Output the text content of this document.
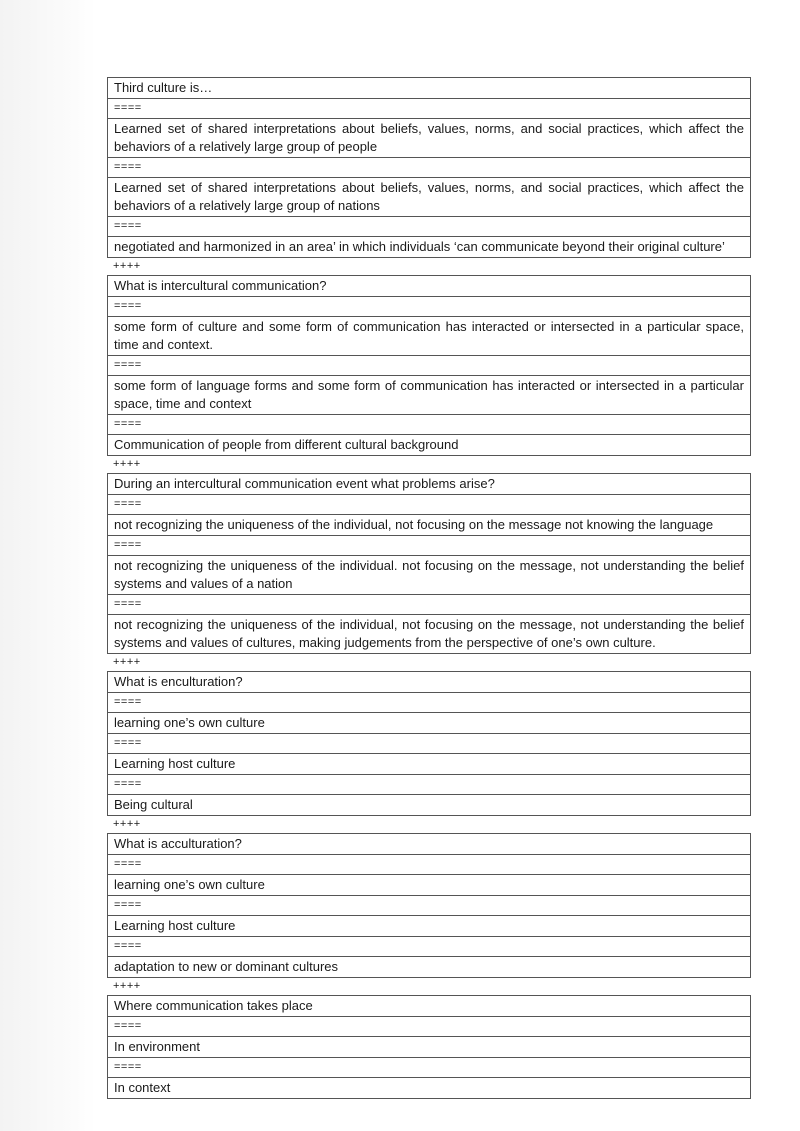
Third culture is…
====
Learned set of shared interpretations about beliefs, values, norms, and social practices, which affect the behaviors of a relatively large group of people
====
Learned set of shared interpretations about beliefs, values, norms, and social practices, which affect the behaviors of a relatively large group of nations
====
negotiated and harmonized in an area’ in which individuals ‘can communicate beyond their original culture’
++++
What is intercultural communication?
====
some form of culture and some form of communication has interacted or intersected in a particular space, time and context.
====
some form of language forms and some form of communication has interacted or intersected in a particular space, time and context
====
Communication of people from different cultural background
++++
During an intercultural communication event what problems arise?
====
not recognizing the uniqueness of the individual, not focusing on the message not knowing the language
====
not recognizing the uniqueness of the individual. not focusing on the message, not understanding the belief systems and values of a nation
====
not recognizing the uniqueness of the individual, not focusing on the message, not understanding the belief systems and values of cultures, making judgements from the perspective of one’s own culture.
++++
What is enculturation?
====
learning one’s own culture
====
Learning host culture
====
Being cultural
++++
What is acculturation?
====
learning one’s own culture
====
Learning host culture
====
adaptation to new or dominant cultures
++++
Where communication takes place
====
In environment
====
In context
